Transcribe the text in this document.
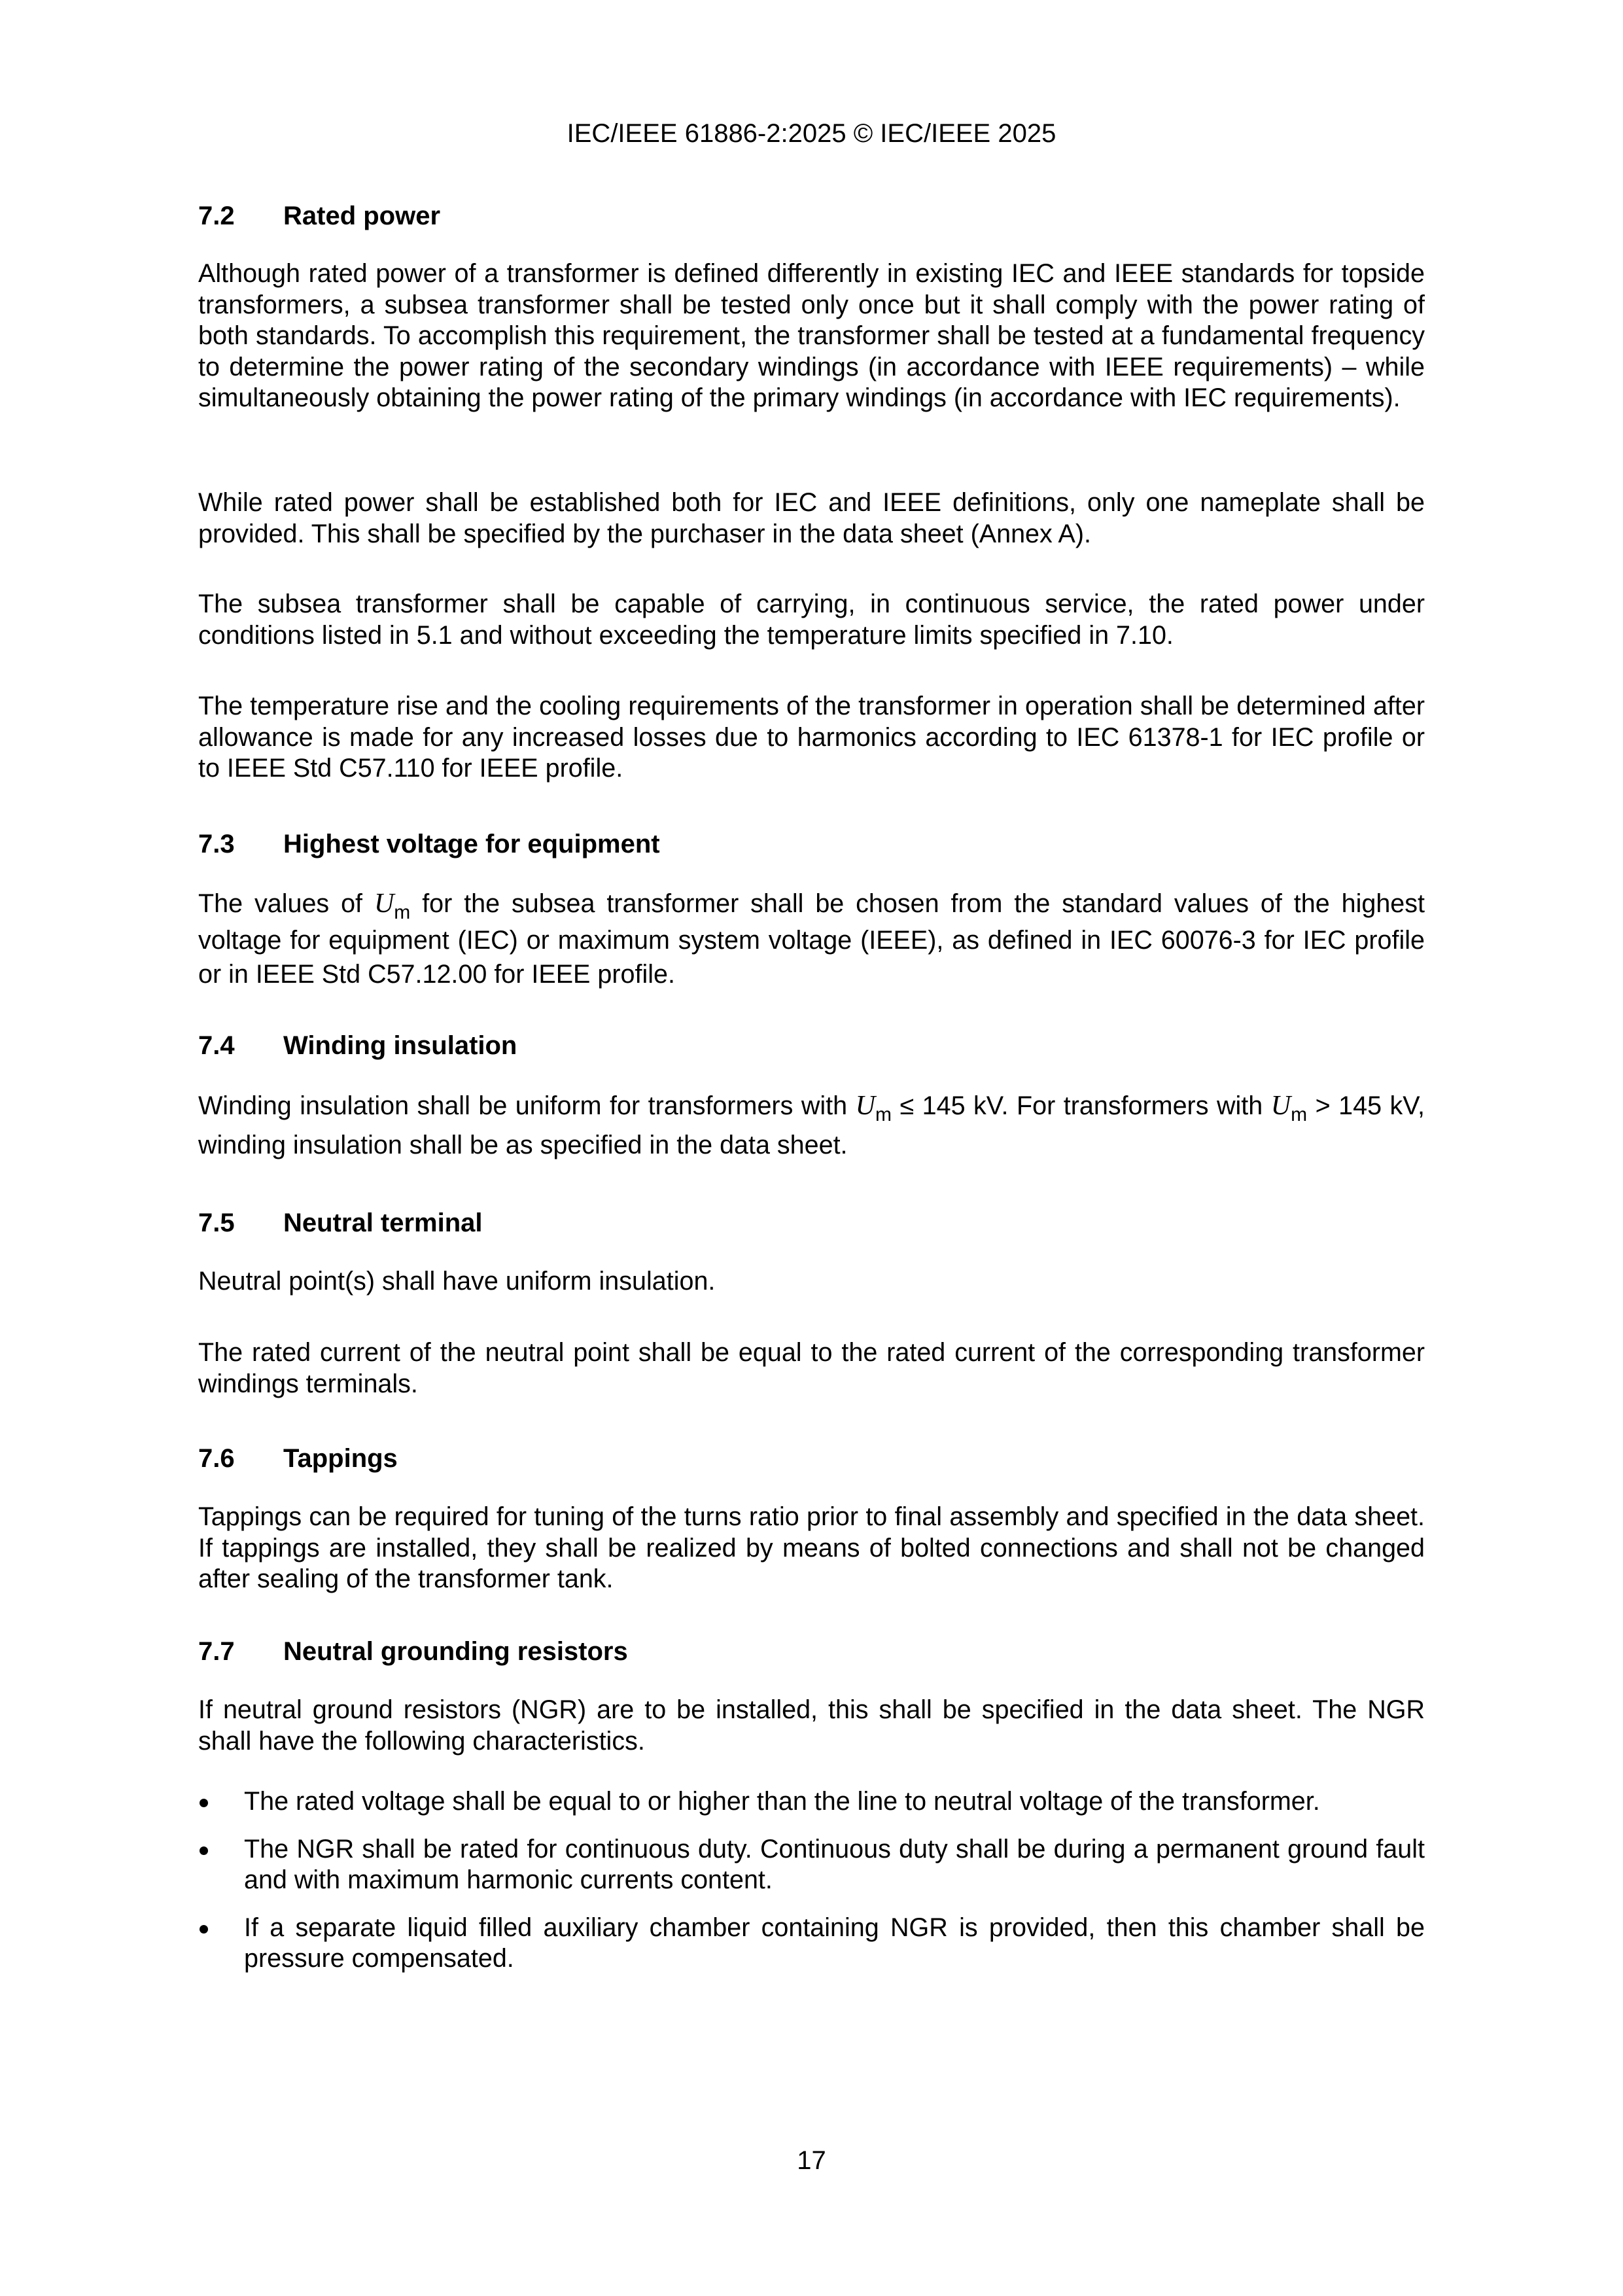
IEC/IEEE 61886-2:2025 © IEC/IEEE 2025
7.2 Rated power
Although rated power of a transformer is defined differently in existing IEC and IEEE standards for topside transformers, a subsea transformer shall be tested only once but it shall comply with the power rating of both standards. To accomplish this requirement, the transformer shall be tested at a fundamental frequency to determine the power rating of the secondary windings (in accordance with IEEE requirements) – while simultaneously obtaining the power rating of the primary windings (in accordance with IEC requirements).
While rated power shall be established both for IEC and IEEE definitions, only one nameplate shall be provided. This shall be specified by the purchaser in the data sheet (Annex A).
The subsea transformer shall be capable of carrying, in continuous service, the rated power under conditions listed in 5.1 and without exceeding the temperature limits specified in 7.10.
The temperature rise and the cooling requirements of the transformer in operation shall be determined after allowance is made for any increased losses due to harmonics according to IEC 61378-1 for IEC profile or to IEEE Std C57.110 for IEEE profile.
7.3 Highest voltage for equipment
The values of $U_m$ for the subsea transformer shall be chosen from the standard values of the highest voltage for equipment (IEC) or maximum system voltage (IEEE), as defined in IEC 60076-3 for IEC profile or in IEEE Std C57.12.00 for IEEE profile.
7.4 Winding insulation
Winding insulation shall be uniform for transformers with $U_m \le 145$ kV. For transformers with $U_m > 145$ kV, winding insulation shall be as specified in the data sheet.
7.5 Neutral terminal
Neutral point(s) shall have uniform insulation.
The rated current of the neutral point shall be equal to the rated current of the corresponding transformer windings terminals.
7.6 Tappings
Tappings can be required for tuning of the turns ratio prior to final assembly and specified in the data sheet. If tappings are installed, they shall be realized by means of bolted connections and shall not be changed after sealing of the transformer tank.
7.7 Neutral grounding resistors
If neutral ground resistors (NGR) are to be installed, this shall be specified in the data sheet. The NGR shall have the following characteristics.
The rated voltage shall be equal to or higher than the line to neutral voltage of the transformer.
The NGR shall be rated for continuous duty. Continuous duty shall be during a permanent ground fault and with maximum harmonic currents content.
If a separate liquid filled auxiliary chamber containing NGR is provided, then this chamber shall be pressure compensated.
17
